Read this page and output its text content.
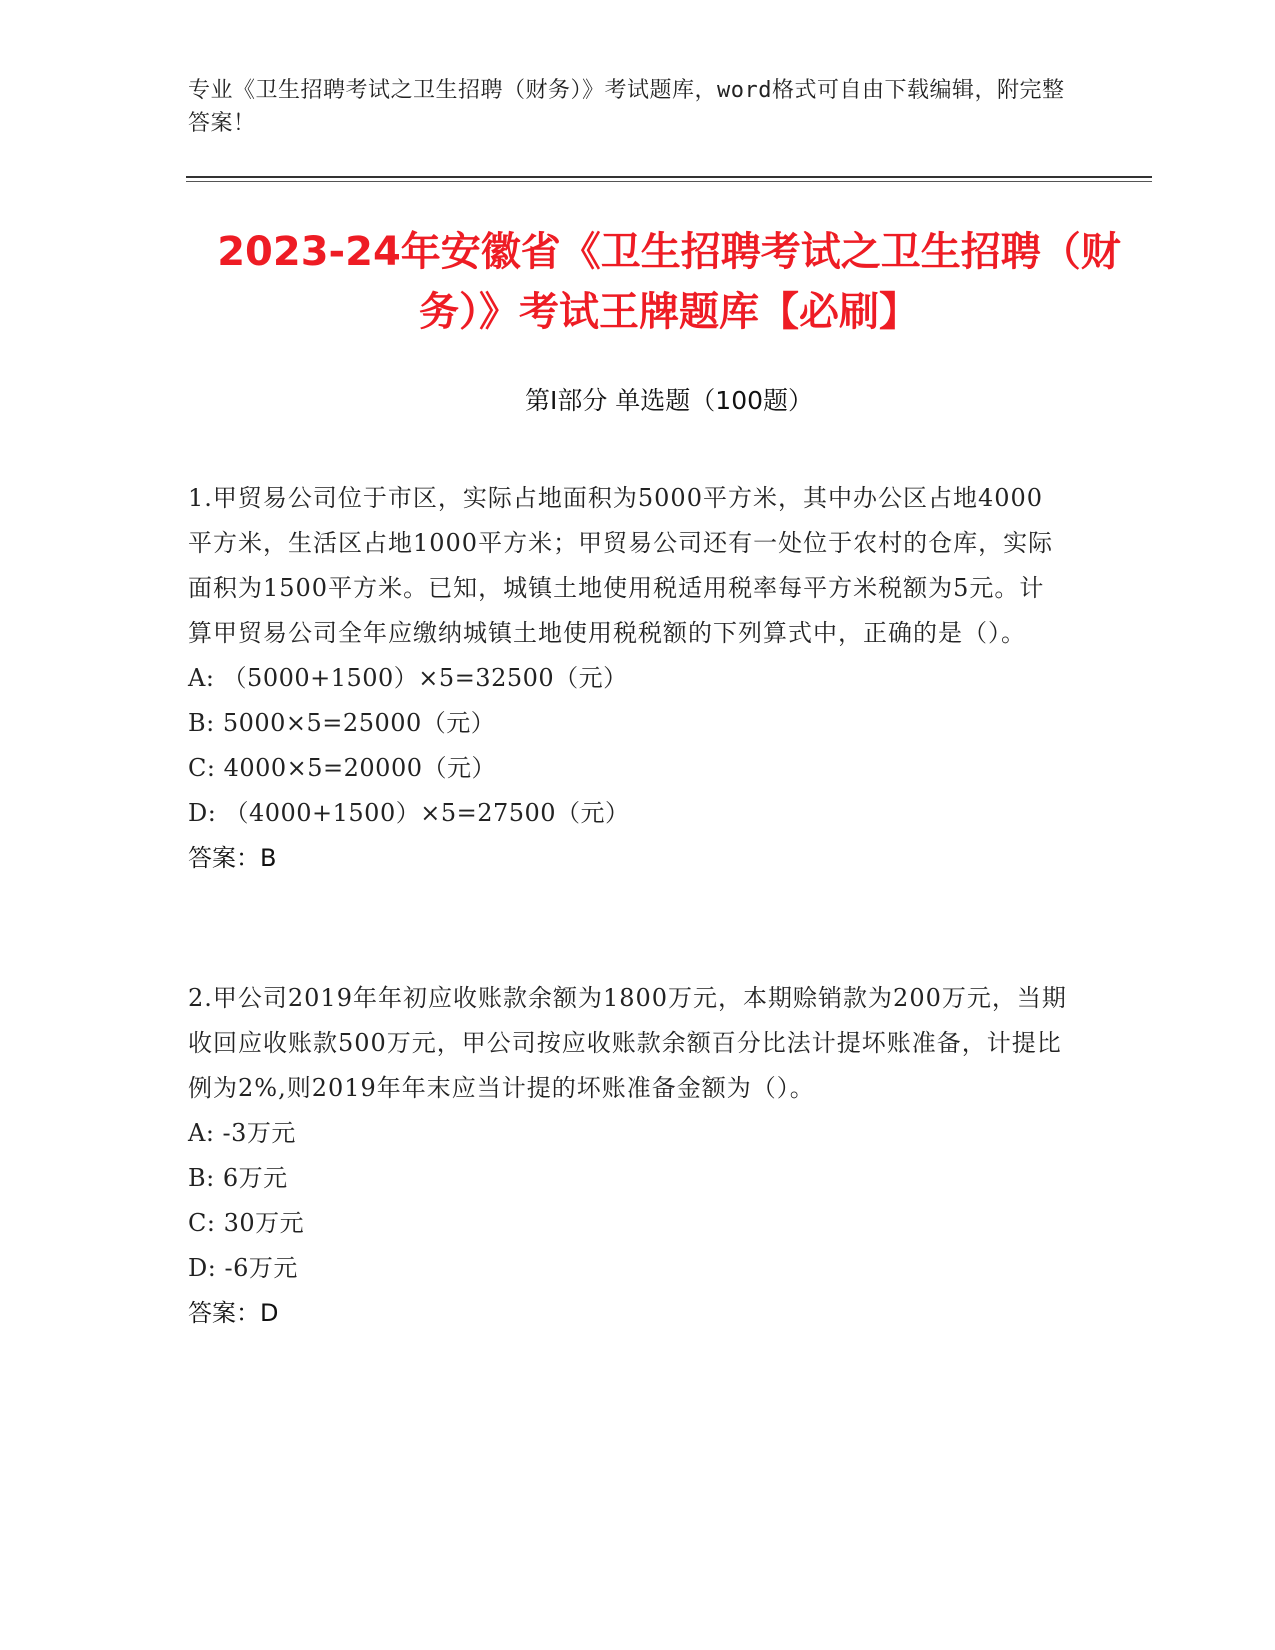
专业《卫生招聘考试之卫生招聘（财务）》考试题库，word格式可自由下载编辑，附完整答案！
2023-24年安徽省《卫生招聘考试之卫生招聘（财务）》考试王牌题库【必刷】
第I部分 单选题（100题）
1.甲贸易公司位于市区，实际占地面积为5000平方米，其中办公区占地4000平方米，生活区占地1000平方米；甲贸易公司还有一处位于农村的仓库，实际面积为1500平方米。已知，城镇土地使用税适用税率每平方米税额为5元。计算甲贸易公司全年应缴纳城镇土地使用税税额的下列算式中，正确的是（）。
A: （5000+1500）×5=32500（元）
B: 5000×5=25000（元）
C: 4000×5=20000（元）
D: （4000+1500）×5=27500（元）
答案：B
2.甲公司2019年年初应收账款余额为1800万元，本期赊销款为200万元，当期收回应收账款500万元，甲公司按应收账款余额百分比法计提坏账准备，计提比例为2%,则2019年年末应当计提的坏账准备金额为（）。
A: -3万元
B: 6万元
C: 30万元
D: -6万元
答案：D
